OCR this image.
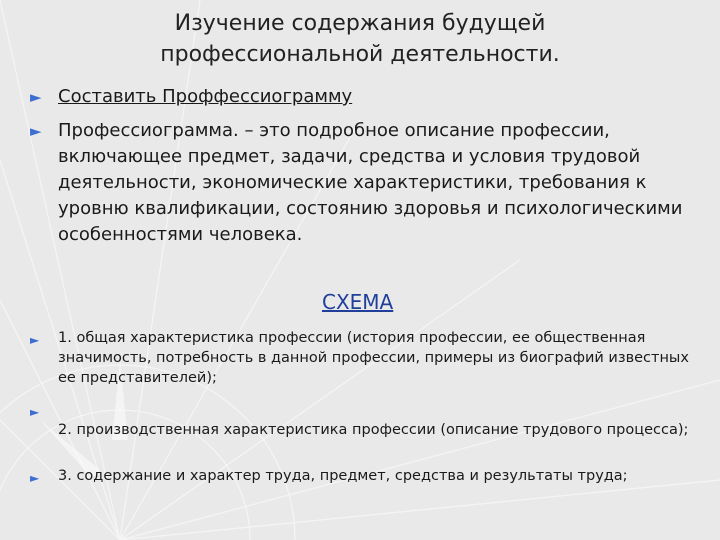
Изучение содержания будущей профессиональной деятельности.
► Составить Проффессиограмму
► Профессиограмма. – это подробное описание профессии, включающее предмет, задачи, средства и условия трудовой деятельности, экономические характеристики, требования к уровню квалификации, состоянию здоровья и психологическими особенностями человека.
СХЕМА
► 1. общая характеристика профессии (история профессии, ее общественная значимость, потребность в данной профессии, примеры из биографий известных ее представителей);
►
2. производственная характеристика профессии (описание трудового процесса);
► 3. содержание и характер труда, предмет, средства и результаты труда;
